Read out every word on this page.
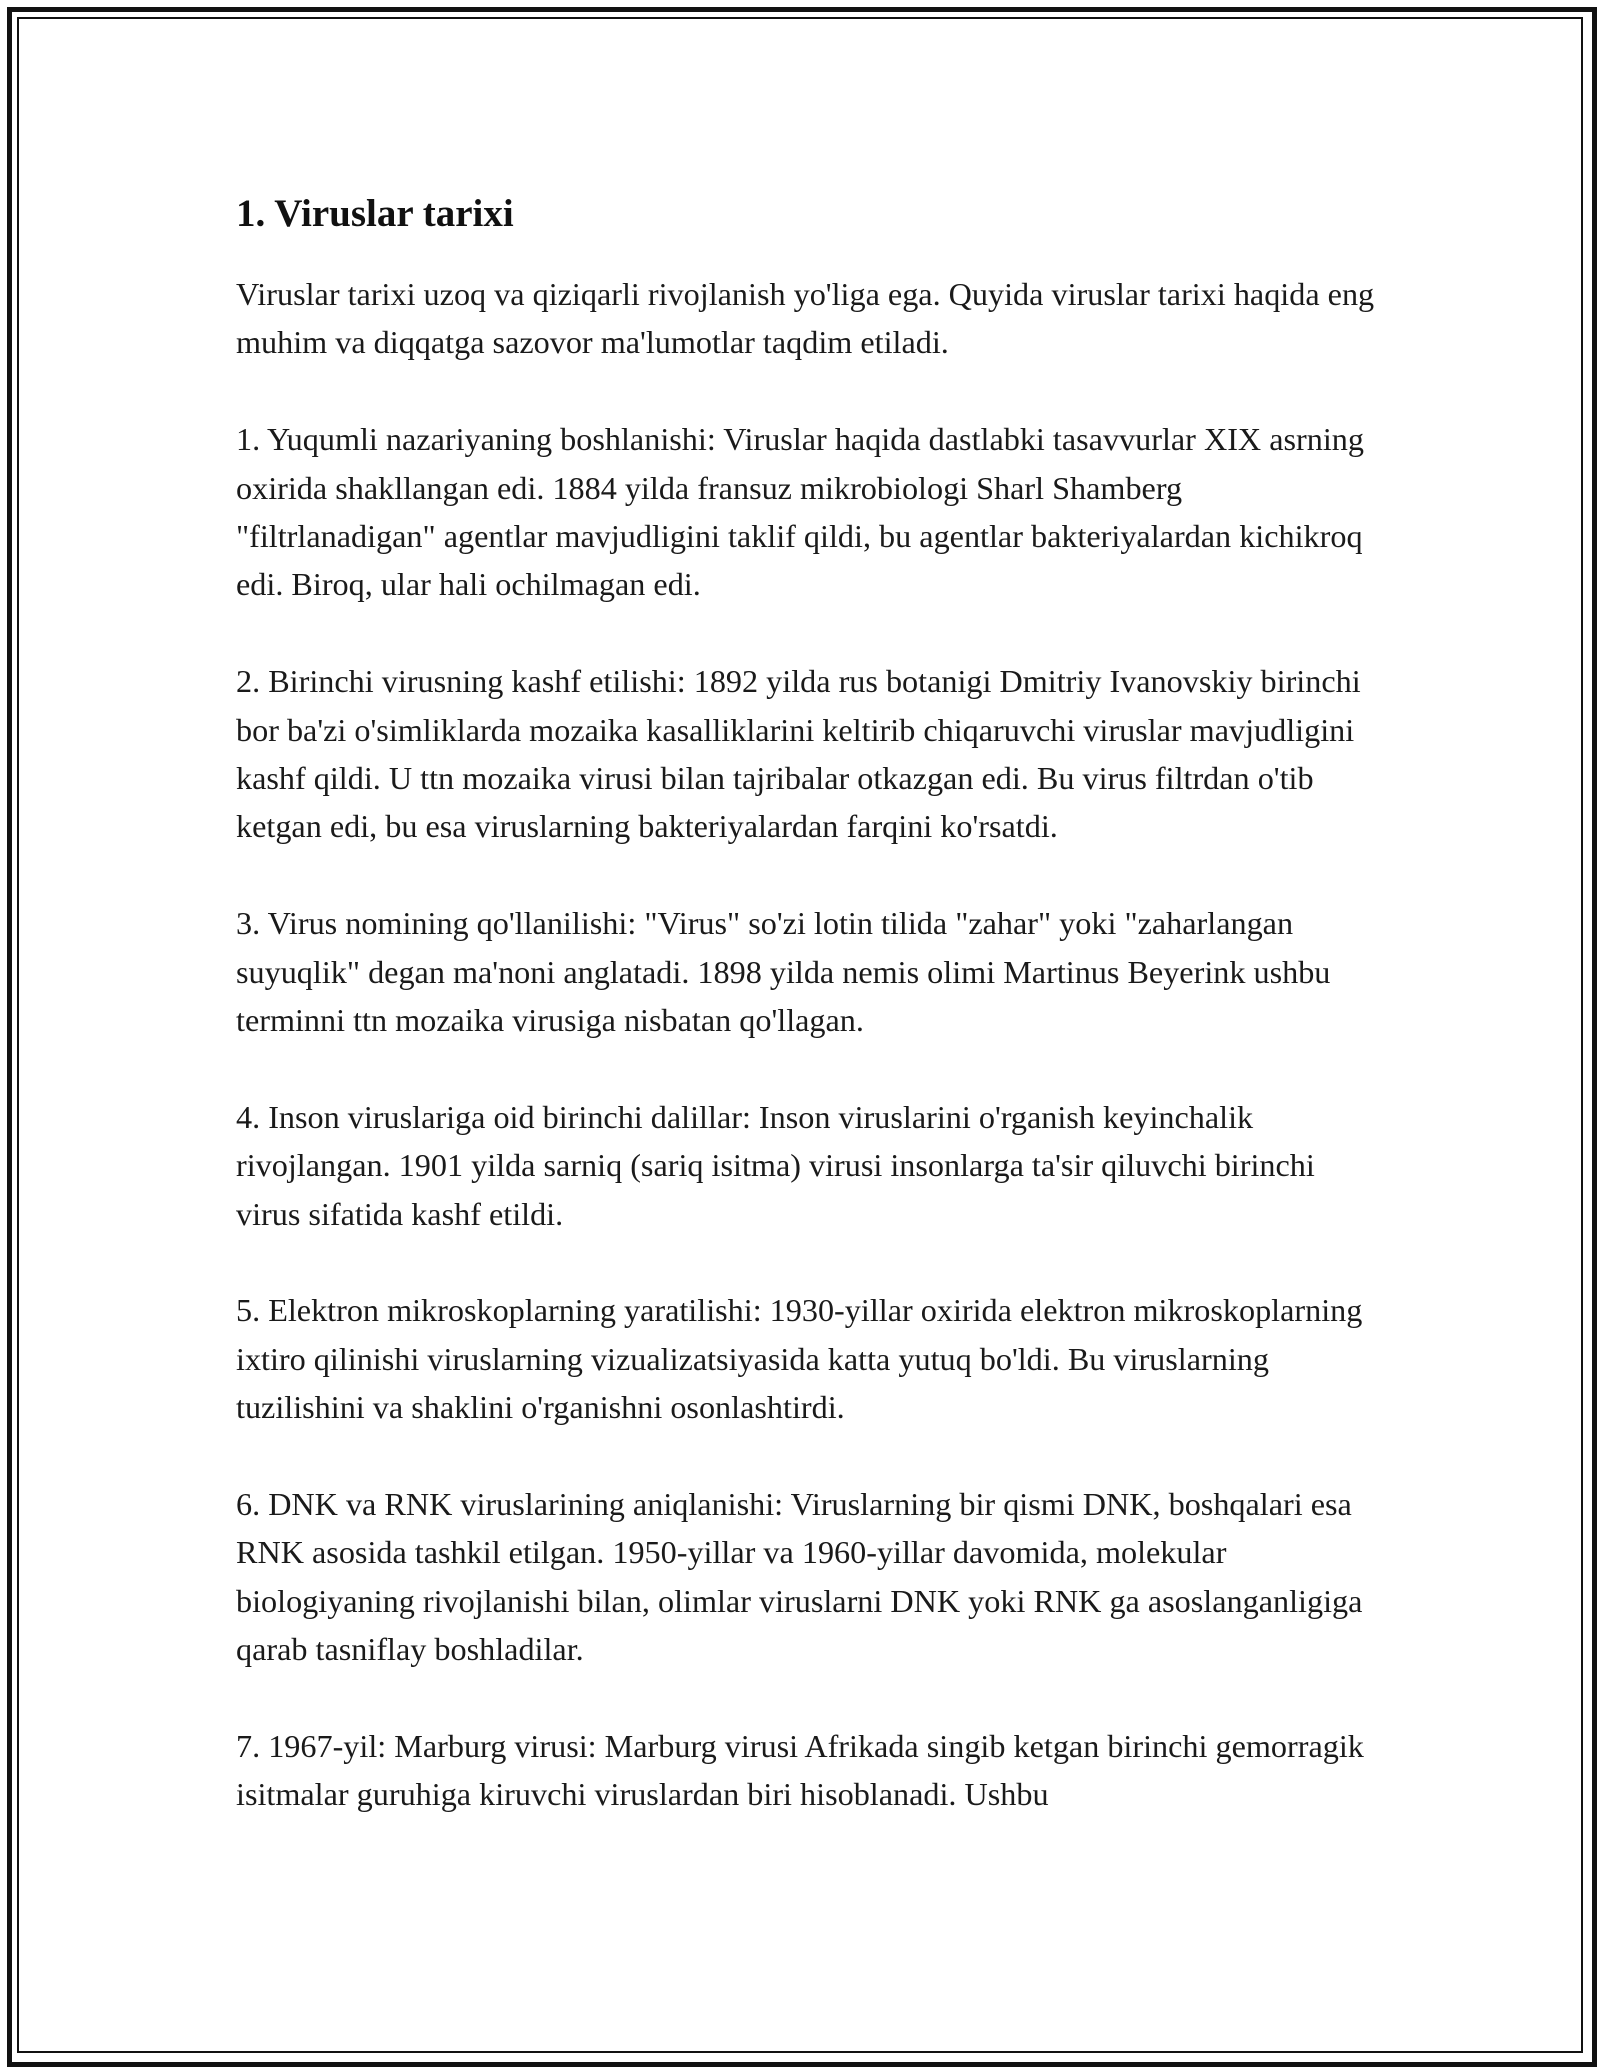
1. Viruslar tarixi

Viruslar tarixi uzoq va qiziqarli rivojlanish yo'liga ega. Quyida viruslar tarixi haqida eng muhim va diqqatga sazovor ma'lumotlar taqdim etiladi.

1. Yuqumli nazariyaning boshlanishi: Viruslar haqida dastlabki tasavvurlar XIX asrning oxirida shakllangan edi. 1884 yilda fransuz mikrobiologi Sharl Shamberg "filtrlanadigan" agentlar mavjudligini taklif qildi, bu agentlar bakteriyalardan kichikroq edi. Biroq, ular hali ochilmagan edi.

2. Birinchi virusning kashf etilishi: 1892 yilda rus botanigi Dmitriy Ivanovskiy birinchi bor ba'zi o'simliklarda mozaika kasalliklarini keltirib chiqaruvchi viruslar mavjudligini kashf qildi. U ttn mozaika virusi bilan tajribalar otkazgan edi. Bu virus filtrdan o'tib ketgan edi, bu esa viruslarning bakteriyalardan farqini ko'rsatdi.

3. Virus nomining qo'llanilishi: "Virus" so'zi lotin tilida "zahar" yoki "zaharlangan suyuqlik" degan ma'noni anglatadi. 1898 yilda nemis olimi Martinus Beyerink ushbu terminni ttn mozaika virusiga nisbatan qo'llagan.

4. Inson viruslariga oid birinchi dalillar: Inson viruslarini o'rganish keyinchalik rivojlangan. 1901 yilda sarniq (sariq isitma) virusi insonlarga ta'sir qiluvchi birinchi virus sifatida kashf etildi.

5. Elektron mikroskoplarning yaratilishi: 1930-yillar oxirida elektron mikroskoplarning ixtiro qilinishi viruslarning vizualizatsiyasida katta yutuq bo'ldi. Bu viruslarning tuzilishini va shaklini o'rganishni osonlashtirdi.

6. DNK va RNK viruslarining aniqlanishi: Viruslarning bir qismi DNK, boshqalari esa RNK asosida tashkil etilgan. 1950-yillar va 1960-yillar davomida, molekular biologiyaning rivojlanishi bilan, olimlar viruslarni DNK yoki RNK ga asoslanganligiga qarab tasniflay boshladilar.

7. 1967-yil: Marburg virusi: Marburg virusi Afrikada singib ketgan birinchi gemorragik isitmalar guruhiga kiruvchi viruslardan biri hisoblanadi. Ushbu
